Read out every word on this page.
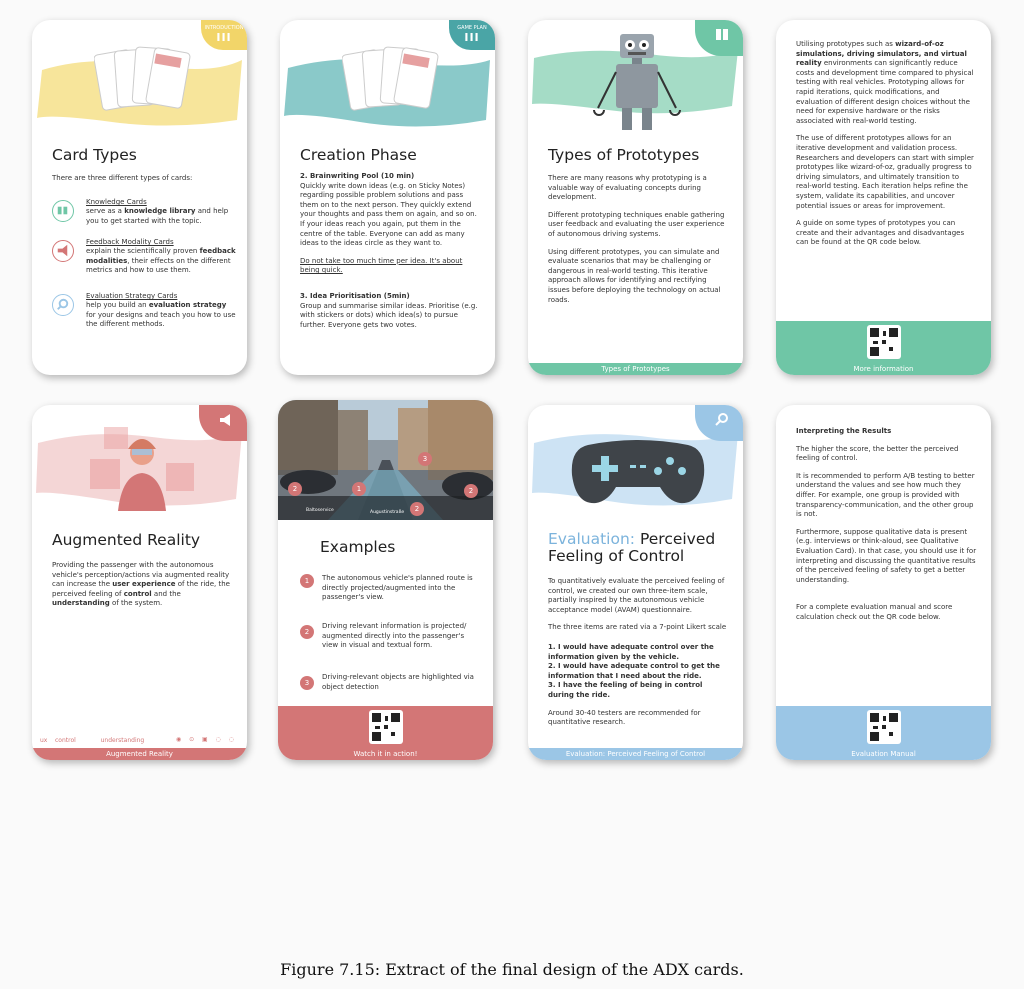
INTRODUCTION
III
Card Types
There are three different types of cards:
Knowledge Cards
serve as a knowledge library and help you to get started with the topic.
Feedback Modality Cards
explain the scientifically proven feedback modalities, their effects on the different metrics and how to use them.
Evaluation Strategy Cards
help you build an evaluation strategy for your designs and teach you how to use the different methods.
GAME PLAN
III
Creation Phase
2. Brainwriting Pool (10 min)

Quickly write down ideas (e.g. on Sticky Notes) regarding possible problem solutions and pass them on to the next person. They quickly extend your thoughts and pass them on again, and so on. If your ideas reach you again, put them in the centre of the table. Everyone can add as many ideas to the ideas circle as they want to.

Do not take too much time per idea. It's about being quick.

3. Idea Prioritisation (5min)

Group and summarise similar ideas. Prioritise (e.g. with stickers or dots) which idea(s) to pursue further. Everyone gets two votes.

Types of Prototypes

There are many reasons why prototyping is a valuable way of evaluating concepts during development.

Different prototyping techniques enable gathering user feedback and evaluating the user experience of autonomous driving systems.

Using different prototypes, you can simulate and evaluate scenarios that may be challenging or dangerous in real-world testing. This iterative approach allows for identifying and rectifying issues before deploying the technology on actual roads.

Types of Prototypes

Utilising prototypes such as wizard-of-oz simulations, driving simulators, and virtual reality environments can significantly reduce costs and development time compared to physical testing with real vehicles. Prototyping allows for rapid iterations, quick modifications, and evaluation of different design choices without the need for expensive hardware or the risks associated with real-world testing.

The use of different prototypes allows for an iterative development and validation process. Researchers and developers can start with simpler prototypes like wizard-of-oz, gradually progress to driving simulators, and ultimately transition to real-world testing. Each iteration helps refine the system, validate its capabilities, and uncover potential issues or areas for improvement.

A guide on some types of prototypes you can create and their advantages and disadvantages can be found at the QR code below.

More information
Augmented Reality

Providing the passenger with the autonomous vehicle's perception/actions via augmented reality can increase the user experience of the ride, the perceived feeling of control and the understanding of the system.

ux control	understanding	◉ ⊙ ▣ ◌ ◌
Augmented Reality
2	1
3
2
2
Baltoservice	Augustinstraße
Examples
1	The autonomous vehicle's planned route is directly projected/augmented into the passenger's view.
2
Driving relevant information is projected/ augmented directly into the passenger's view in visual and textual form.
3
Driving-relevant objects are highlighted via object detection
Watch it in action!
Evaluation: Perceived
Feeling of Control

To quantitatively evaluate the perceived feeling of control, we created our own three-item scale, partially inspired by the autonomous vehicle acceptance model (AVAM) questionnaire.

The three items are rated via a 7-point Likert scale

1. I would have adequate control over the information given by the vehicle.
2. I would have adequate control to get the information that I need about the ride.
3. I have the feeling of being in control during the ride.

Around 30-40 testers are recommended for quantitative research.

Evaluation: Perceived Feeling of Control

Interpreting the Results

The higher the score, the better the perceived feeling of control.

It is recommended to perform A/B testing to better understand the values and see how much they differ. For example, one group is provided with transparency-communication, and the other group is not.

Furthermore, suppose qualitative data is present (e.g. interviews or think-aloud, see Qualitative Evaluation Card). In that case, you should use it for interpreting and discussing the quantitative results of the perceived feeling of safety to get a better understanding.

For a complete evaluation manual and score calculation check out the QR code below.

Evaluation Manual
Figure 7.15: Extract of the final design of the ADX cards.
